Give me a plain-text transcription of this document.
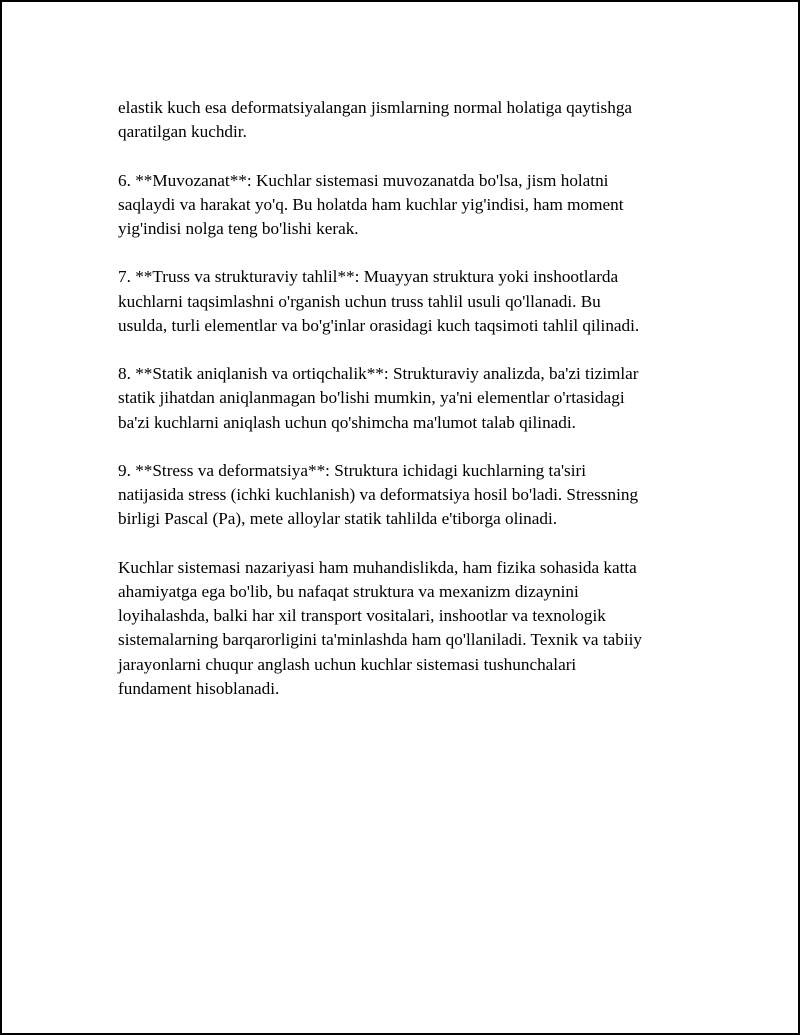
elastik kuch esa deformatsiyalangan jismlarning normal holatiga qaytishga
qaratilgan kuchdir.

6. **Muvozanat**: Kuchlar sistemasi muvozanatda bo'lsa, jism holatni
saqlaydi va harakat yo'q. Bu holatda ham kuchlar yig'indisi, ham moment
yig'indisi nolga teng bo'lishi kerak.

7. **Truss va strukturaviy tahlil**: Muayyan struktura yoki inshootlarda
kuchlarni taqsimlashni o'rganish uchun truss tahlil usuli qo'llanadi. Bu
usulda, turli elementlar va bo'g'inlar orasidagi kuch taqsimoti tahlil qilinadi.

8. **Statik aniqlanish va ortiqchalik**: Strukturaviy analizda, ba'zi tizimlar
statik jihatdan aniqlanmagan bo'lishi mumkin, ya'ni elementlar o'rtasidagi
ba'zi kuchlarni aniqlash uchun qo'shimcha ma'lumot talab qilinadi.

9. **Stress va deformatsiya**: Struktura ichidagi kuchlarning ta'siri
natijasida stress (ichki kuchlanish) va deformatsiya hosil bo'ladi. Stressning
birligi Pascal (Pa), mete alloylar statik tahlilda e'tiborga olinadi.

Kuchlar sistemasi nazariyasi ham muhandislikda, ham fizika sohasida katta
ahamiyatga ega bo'lib, bu nafaqat struktura va mexanizm dizaynini
loyihalashda, balki har xil transport vositalari, inshootlar va texnologik
sistemalarning barqarorligini ta'minlashda ham qo'llaniladi. Texnik va tabiiy
jarayonlarni chuqur anglash uchun kuchlar sistemasi tushunchalari
fundament hisoblanadi.
